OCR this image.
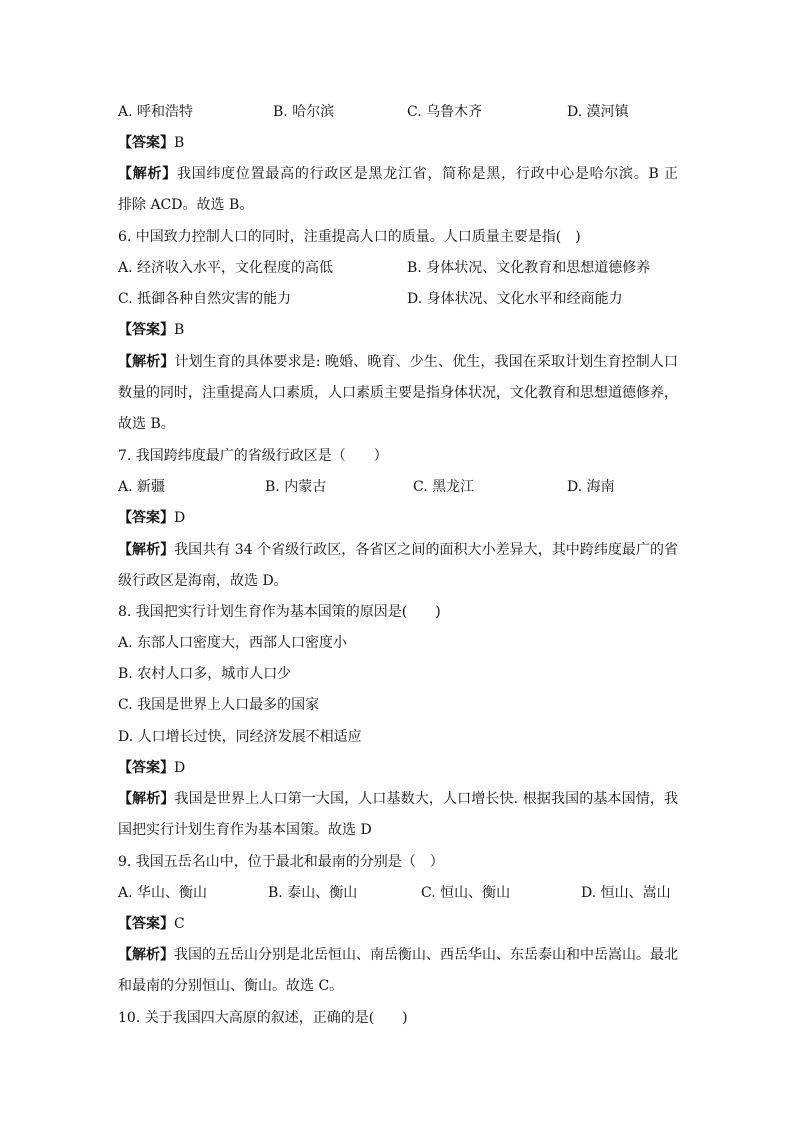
A. 呼和浩特	B. 哈尔滨	C. 乌鲁木齐	D. 漠河镇
【答案】B
【解析】我国纬度位置最高的行政区是黑龙江省，简称是黑，行政中心是哈尔滨。B 正
排除 ACD。故选 B。
6. 中国致力控制人口的同时，注重提高人口的质量。人口质量主要是指(　)
A. 经济收入水平，文化程度的高低	B. 身体状况、文化教育和思想道德修养
C. 抵御各种自然灾害的能力	D. 身体状况、文化水平和经商能力
【答案】B
【解析】计划生育的具体要求是: 晚婚、晚育、少生、优生，我国在采取计划生育控制人口
数量的同时，注重提高人口素质，人口素质主要是指身体状况，文化教育和思想道德修养，
故选 B。
7. 我国跨纬度最广的省级行政区是（　　）
A. 新疆	B. 内蒙古	C. 黑龙江	D. 海南
【答案】D
【解析】我国共有 34 个省级行政区，各省区之间的面积大小差异大，其中跨纬度最广的省
级行政区是海南，故选 D。
8. 我国把实行计划生育作为基本国策的原因是(　　)
A. 东部人口密度大，西部人口密度小
B. 农村人口多，城市人口少
C. 我国是世界上人口最多的国家
D. 人口增长过快，同经济发展不相适应
【答案】D
【解析】我国是世界上人口第一大国，人口基数大，人口增长快. 根据我国的基本国情，我
国把实行计划生育作为基本国策。故选 D
9. 我国五岳名山中，位于最北和最南的分别是（　）
A. 华山、衡山	B. 泰山、衡山	C. 恒山、衡山	D. 恒山、嵩山
【答案】C
【解析】我国的五岳山分别是北岳恒山、南岳衡山、西岳华山、东岳泰山和中岳嵩山。最北
和最南的分别恒山、衡山。故选 C。
10. 关于我国四大高原的叙述，正确的是(　　)
